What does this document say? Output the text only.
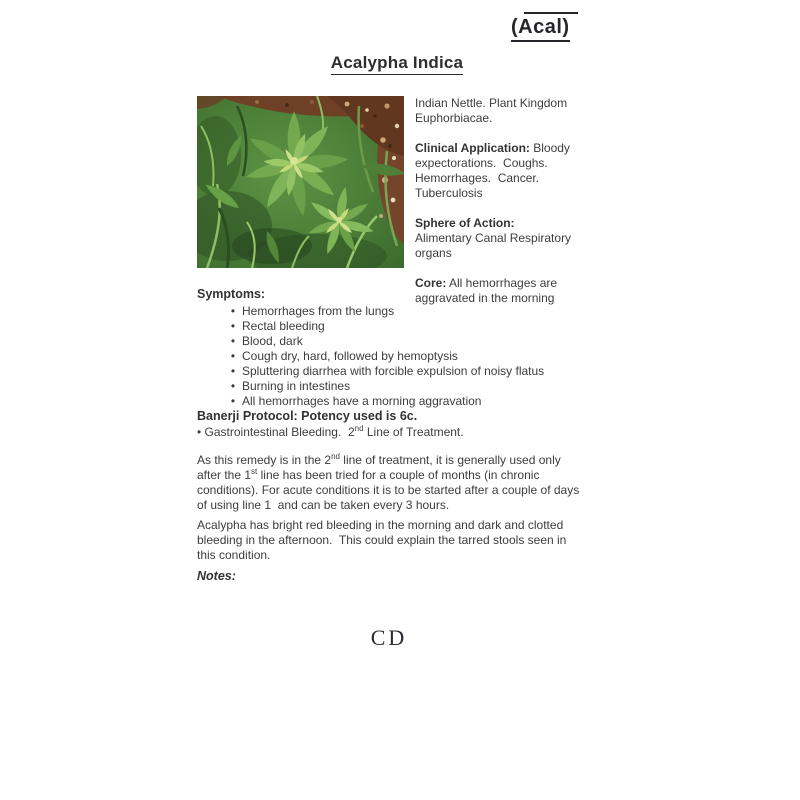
(Acal)
Acalypha Indica

Indian Nettle. Plant Kingdom Euphorbiacae.

Clinical Application: Bloody expectorations.  Coughs. Hemorrhages.  Cancer. Tuberculosis

Sphere of Action:
Alimentary Canal Respiratory organs

Core: All hemorrhages are aggravated in the morning

Symptoms:

• Hemorrhages from the lungs
• Rectal bleeding
• Blood, dark
• Cough dry, hard, followed by hemoptysis
• Spluttering diarrhea with forcible expulsion of noisy flatus
• Burning in intestines
• All hemorrhages have a morning aggravation

Banerji Protocol: Potency used is 6c.

• Gastrointestinal Bleeding.  2nd Line of Treatment.

As this remedy is in the 2nd line of treatment, it is generally used only after the 1st line has been tried for a couple of months (in chronic conditions). For acute conditions it is to be started after a couple of days of using line 1  and can be taken every 3 hours.

Acalypha has bright red bleeding in the morning and dark and clotted bleeding in the afternoon.  This could explain the tarred stools seen in this condition.

Notes:
CD
